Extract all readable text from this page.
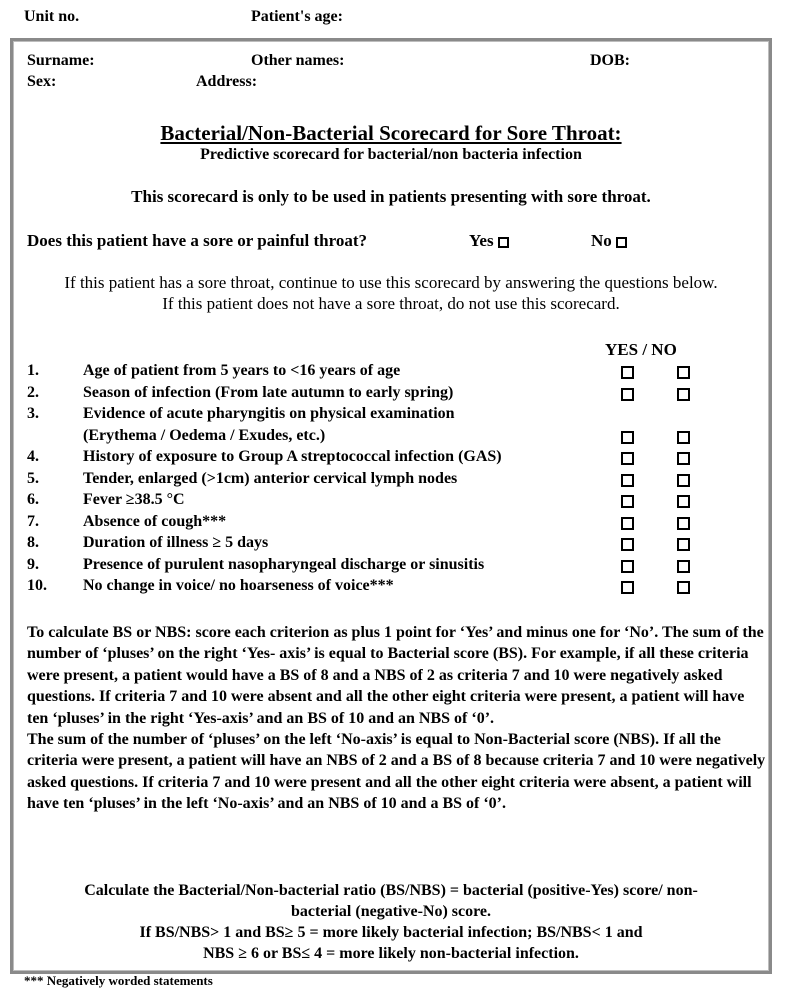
Unit no.	Patient's age:
Surname:	Other names:	DOB:
Sex:	Address:
Bacterial/Non-Bacterial Scorecard for Sore Throat:
Predictive scorecard for bacterial/non bacteria infection
This scorecard is only to be used in patients presenting with sore throat.
Does this patient have a sore or painful throat?	Yes	No
If this patient has a sore throat, continue to use this scorecard by answering the questions below.
If this patient does not have a sore throat, do not use this scorecard.
YES / NO
1.	Age of patient from 5 years to <16 years of age
2.	Season of infection (From late autumn to early spring)
3.	Evidence of acute pharyngitis on physical examination
(Erythema / Oedema / Exudes, etc.)
4.	History of exposure to Group A streptococcal infection (GAS)
5.	Tender, enlarged (>1cm) anterior cervical lymph nodes
6.	Fever ≥38.5 °C
7.	Absence of cough***
8.	Duration of illness ≥ 5 days
9.	Presence of purulent nasopharyngeal discharge or sinusitis
10. No change in voice/ no hoarseness of voice***

To calculate BS or NBS: score each criterion as plus 1 point for ‘Yes’ and minus one for ‘No’. The sum of the number of ‘pluses’ on the right ‘Yes- axis’ is equal to Bacterial score (BS). For example, if all these criteria were present, a patient would have a BS of 8 and a NBS of 2 as criteria 7 and 10 were negatively asked questions. If criteria 7 and 10 were absent and all the other eight criteria were present, a patient will have ten ‘pluses’ in the right ‘Yes-axis’ and an BS of 10 and an NBS of ‘0’.

The sum of the number of ‘pluses’ on the left ‘No-axis’ is equal to Non-Bacterial score (NBS). If all the criteria were present, a patient will have an NBS of 2 and a BS of 8 because criteria 7 and 10 were negatively asked questions. If criteria 7 and 10 were present and all the other eight criteria were absent, a patient will have ten ‘pluses’ in the left ‘No-axis’ and an NBS of 10 and a BS of ‘0’.

Calculate the Bacterial/Non-bacterial ratio (BS/NBS) = bacterial (positive-Yes) score/ non-
bacterial (negative-No) score.
If BS/NBS> 1 and BS≥ 5 = more likely bacterial infection; BS/NBS< 1 and
NBS ≥ 6 or BS≤ 4 = more likely non-bacterial infection.
*** Negatively worded statements
